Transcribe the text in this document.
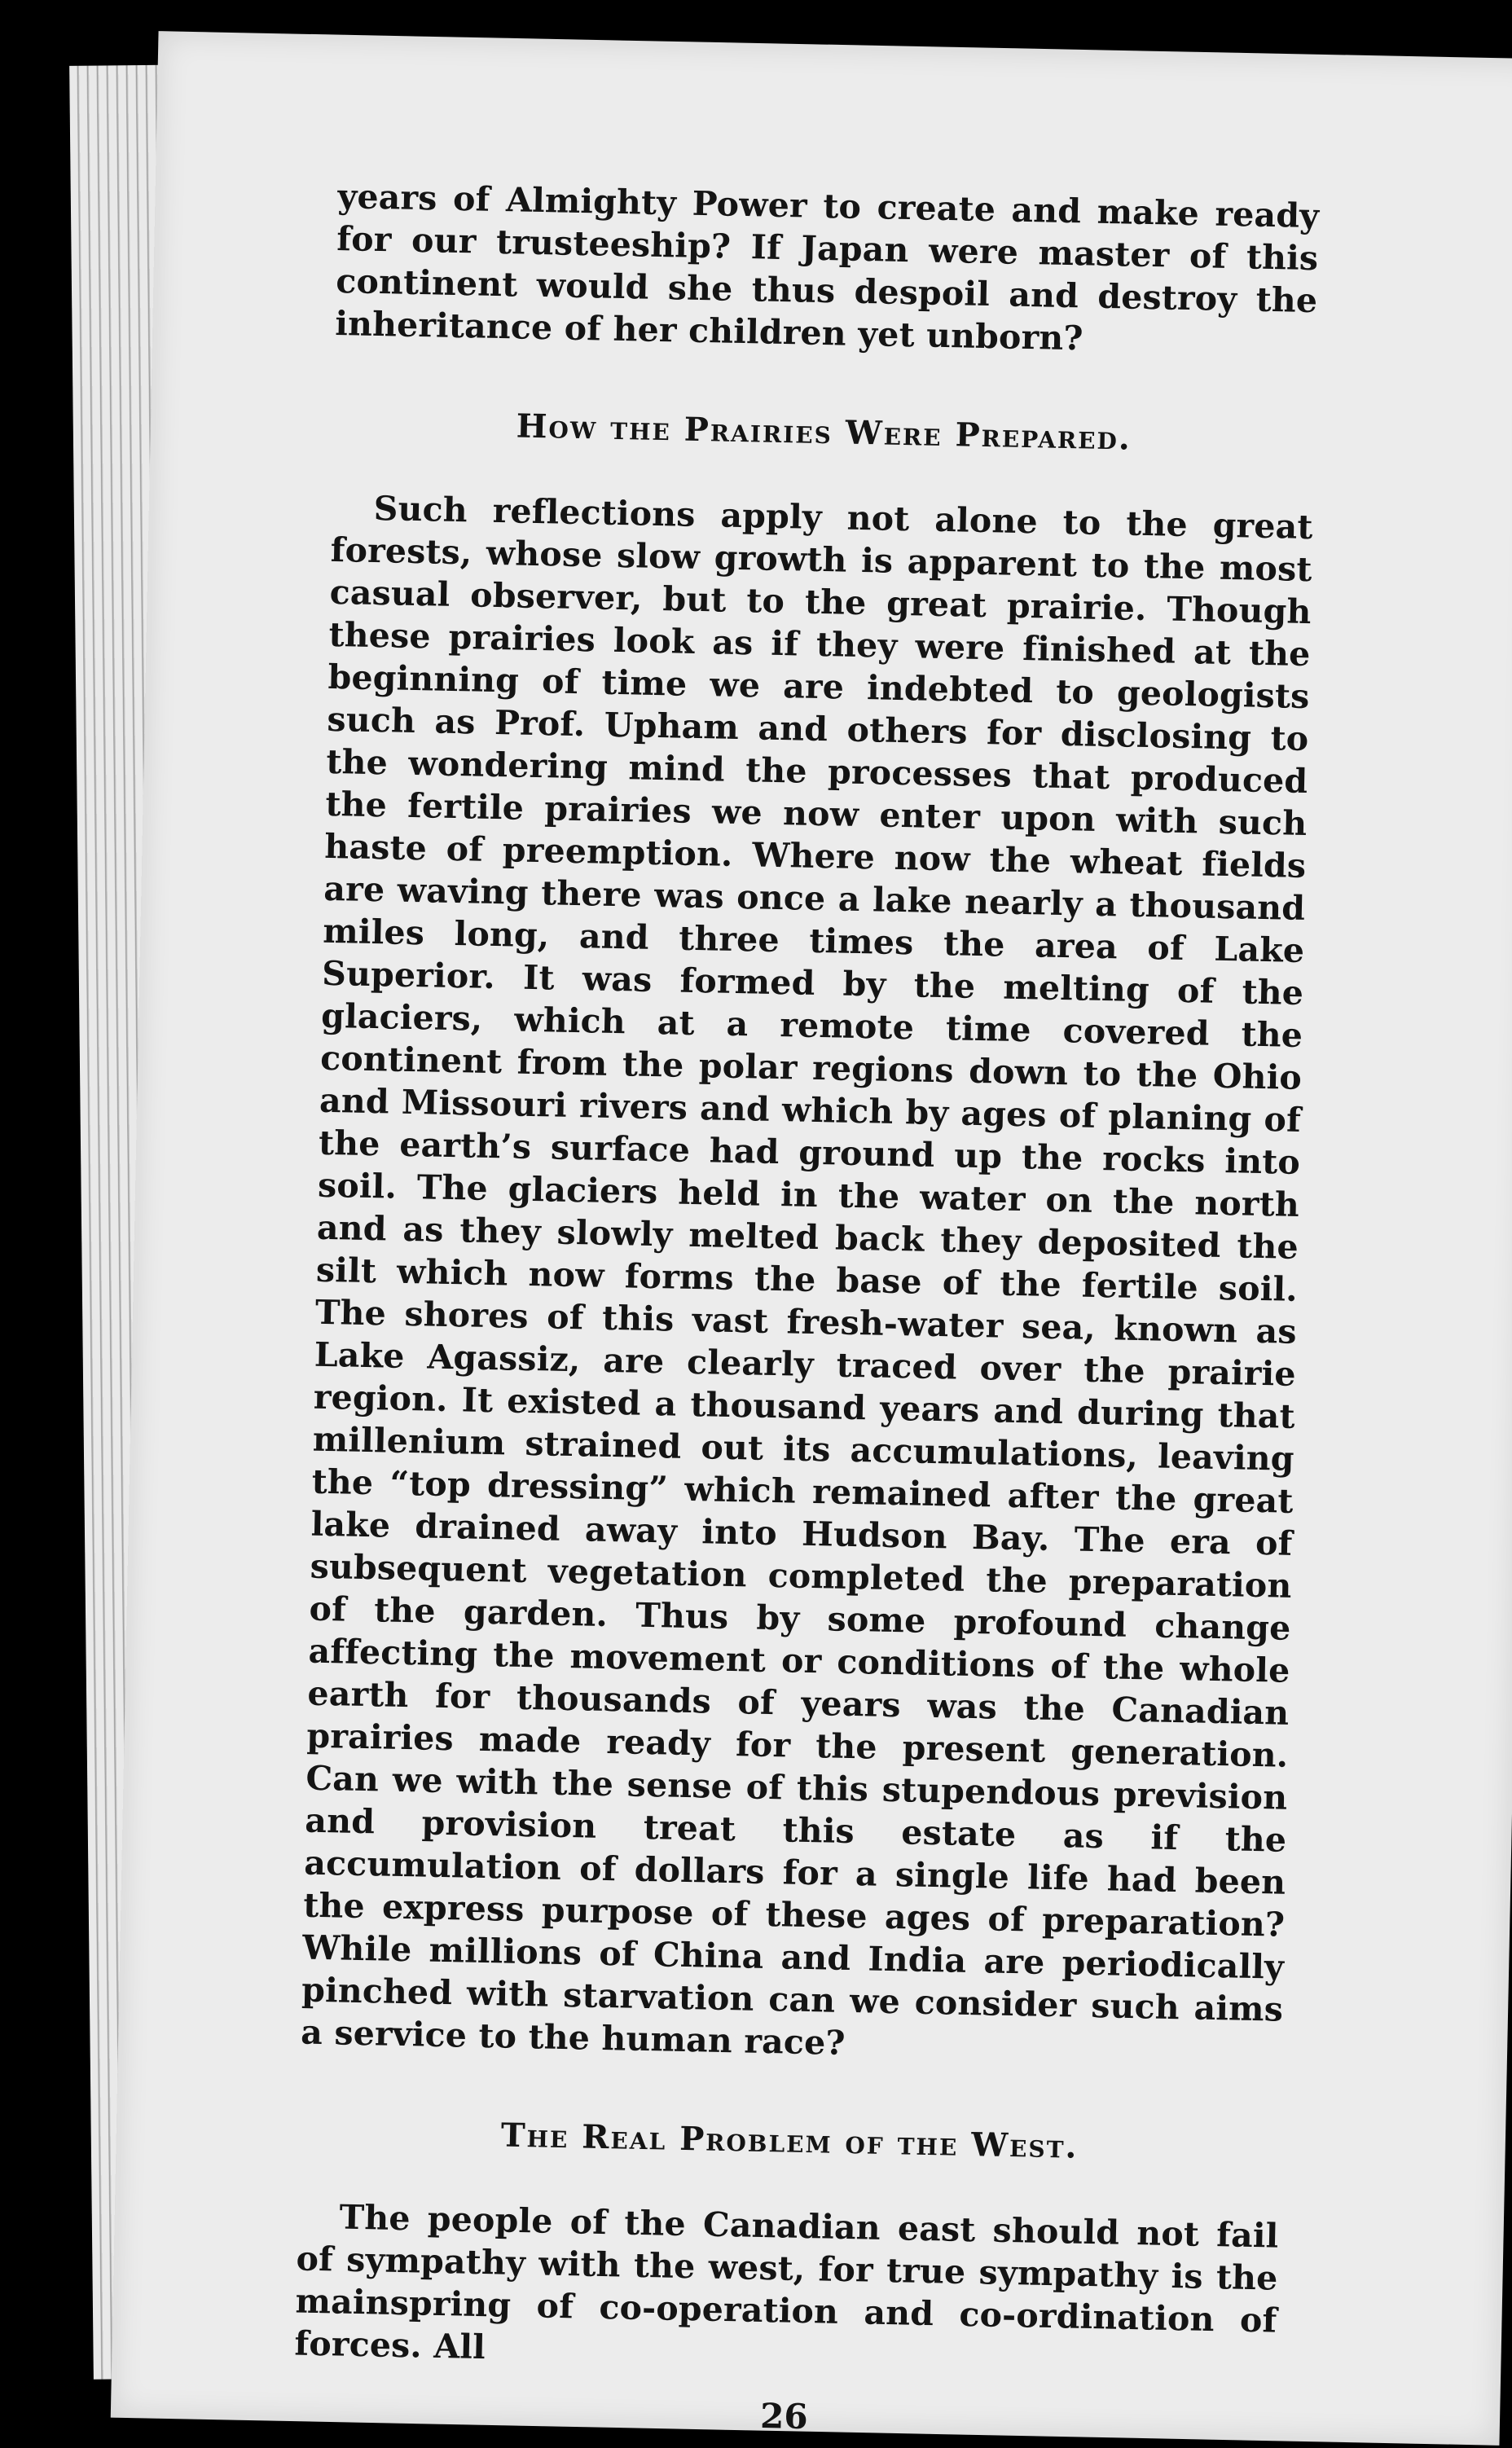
years of Almighty Power to create and make ready for our trusteeship? If Japan were master of this continent would she thus despoil and destroy the inheritance of her children yet unborn?

How the Prairies Were Prepared.

Such reflections apply not alone to the great forests, whose slow growth is apparent to the most casual observer, but to the great prairie. Though these prairies look as if they were finished at the beginning of time we are indebted to geologists such as Prof. Upham and others for disclosing to the wondering mind the processes that produced the fertile prairies we now enter upon with such haste of preemption. Where now the wheat fields are waving there was once a lake nearly a thousand miles long, and three times the area of Lake Superior. It was formed by the melting of the glaciers, which at a remote time covered the continent from the polar regions down to the Ohio and Missouri rivers and which by ages of planing of the earth’s surface had ground up the rocks into soil. The glaciers held in the water on the north and as they slowly melted back they deposited the silt which now forms the base of the fertile soil. The shores of this vast fresh-water sea, known as Lake Agassiz, are clearly traced over the prairie region. It existed a thousand years and during that millenium strained out its accumulations, leaving the “top dressing” which remained after the great lake drained away into Hudson Bay. The era of subsequent vegetation completed the preparation of the garden. Thus by some profound change affecting the movement or conditions of the whole earth for thousands of years was the Canadian prairies made ready for the present generation. Can we with the sense of this stupendous prevision and provision treat this estate as if the accumulation of dollars for a single life had been the express purpose of these ages of preparation? While millions of China and India are periodically pinched with starvation can we consider such aims a service to the human race?

The Real Problem of the West.

The people of the Canadian east should not fail of sympathy with the west, for true sympathy is the mainspring of co-operation and co-ordination of forces. All

26
